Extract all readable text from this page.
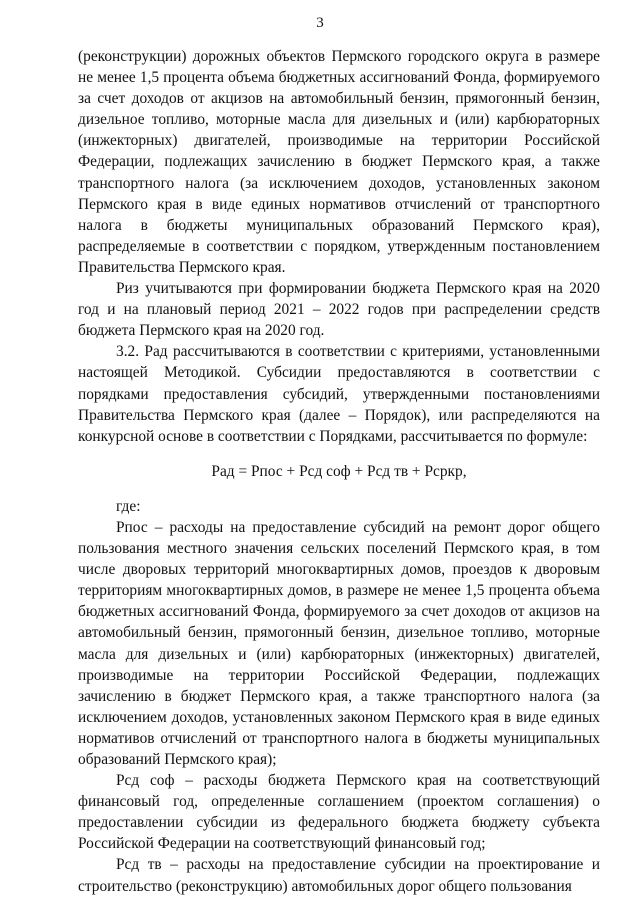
3

(реконструкции) дорожных объектов Пермского городского округа в размере не менее 1,5 процента объема бюджетных ассигнований Фонда, формируемого за счет доходов от акцизов на автомобильный бензин, прямогонный бензин, дизельное топливо, моторные масла для дизельных и (или) карбюраторных (инжекторных) двигателей, производимые на территории Российской Федерации, подлежащих зачислению в бюджет Пермского края, а также транспортного налога (за исключением доходов, установленных законом Пермского края в виде единых нормативов отчислений от транспортного налога в бюджеты муниципальных образований Пермского края), распределяемые в соответствии с порядком, утвержденным постановлением Правительства Пермского края.

Риз учитываются при формировании бюджета Пермского края на 2020 год и на плановый период 2021 – 2022 годов при распределении средств бюджета Пермского края на 2020 год.

3.2. Рад рассчитываются в соответствии с критериями, установленными настоящей Методикой. Субсидии предоставляются в соответствии с порядками предоставления субсидий, утвержденными постановлениями Правительства Пермского края (далее – Порядок), или распределяются на конкурсной основе в соответствии с Порядками, рассчитывается по формуле:

Рад = Рпос + Рсд соф + Рсд тв + Рсркр,

где:

Рпос – расходы на предоставление субсидий на ремонт дорог общего пользования местного значения сельских поселений Пермского края, в том числе дворовых территорий многоквартирных домов, проездов к дворовым территориям многоквартирных домов, в размере не менее 1,5 процента объема бюджетных ассигнований Фонда, формируемого за счет доходов от акцизов на автомобильный бензин, прямогонный бензин, дизельное топливо, моторные масла для дизельных и (или) карбюраторных (инжекторных) двигателей, производимые на территории Российской Федерации, подлежащих зачислению в бюджет Пермского края, а также транспортного налога (за исключением доходов, установленных законом Пермского края в виде единых нормативов отчислений от транспортного налога в бюджеты муниципальных образований Пермского края);

Рсд соф – расходы бюджета Пермского края на соответствующий финансовый год, определенные соглашением (проектом соглашения) о предоставлении субсидии из федерального бюджета бюджету субъекта Российской Федерации на соответствующий финансовый год;

Рсд тв – расходы на предоставление субсидии на проектирование и строительство (реконструкцию) автомобильных дорог общего пользования
